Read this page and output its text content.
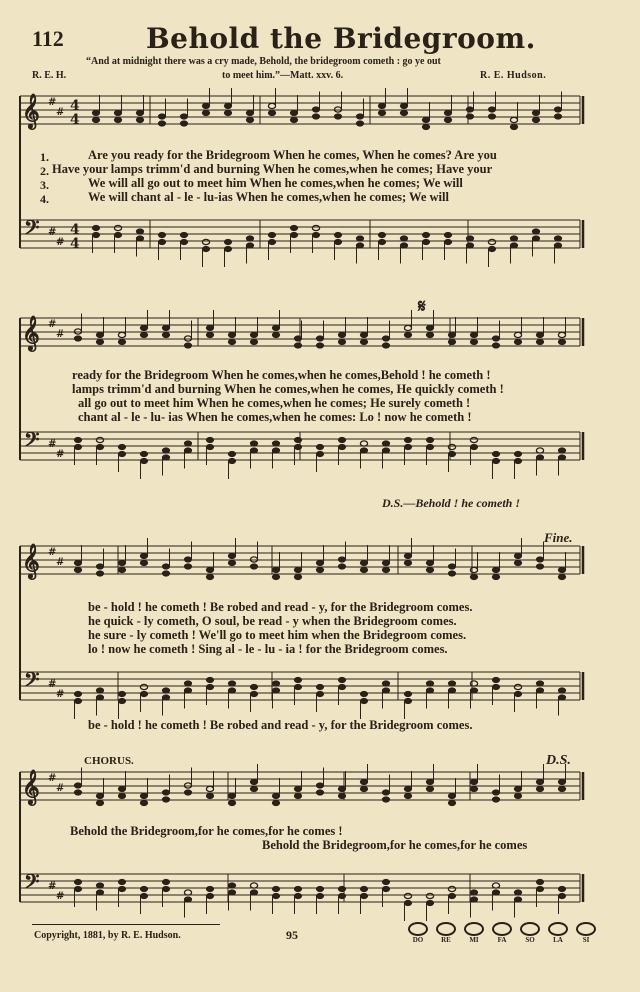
112	Behold the Bridegroom.
“And at midnight there was a cry made, Behold, the bridegroom cometh : go ye out
to meet him.”—Matt. xxv. 6.
R. E. H.	R. E. Hudson.
𝄞
𝄢
#
#
#
#
4
4
4
4
𝄞
𝄢
#
#
#
#
𝄞
𝄢
#
#
#
#
𝄞
𝄢
#
#
#
#
𝄋
1.	Are you ready for the Bridegroom When he comes, When he comes? Are you
2. Have your lamps trimm'd and burning When he comes,when he comes; Have your
3.	We will all go out to meet him When he comes,when he comes; We will
4.	We will chant al - le - lu-ias When he comes,when he comes; We will
ready for the Bridegroom When he comes,when he comes,Behold ! he cometh !
lamps trimm'd and burning When he comes,when he comes, He quickly cometh !
all go out to meet him When he comes,when he comes; He surely cometh !
chant al - le - lu- ias When he comes,when he comes: Lo ! now he cometh !
D.S.—Behold ! he cometh !
Fine.
be - hold ! he cometh ! Be robed and read - y, for the Bridegroom comes.
he quick - ly cometh, O soul, be read - y when the Bridegroom comes.
he sure - ly cometh ! We'll go to meet him when the Bridegroom comes.
lo ! now he cometh ! Sing al - le - lu - ia ! for the Bridegroom comes.
be - hold ! he cometh ! Be robed and read - y, for the Bridegroom comes.
CHORUS.	D.S.
Behold the Bridegroom,for he comes,for he comes !
Behold the Bridegroom,for he comes,for he comes
Copyright, 1881, by R. E. Hudson.	95	DO	RE	MI	FA	SO	LA	SI
